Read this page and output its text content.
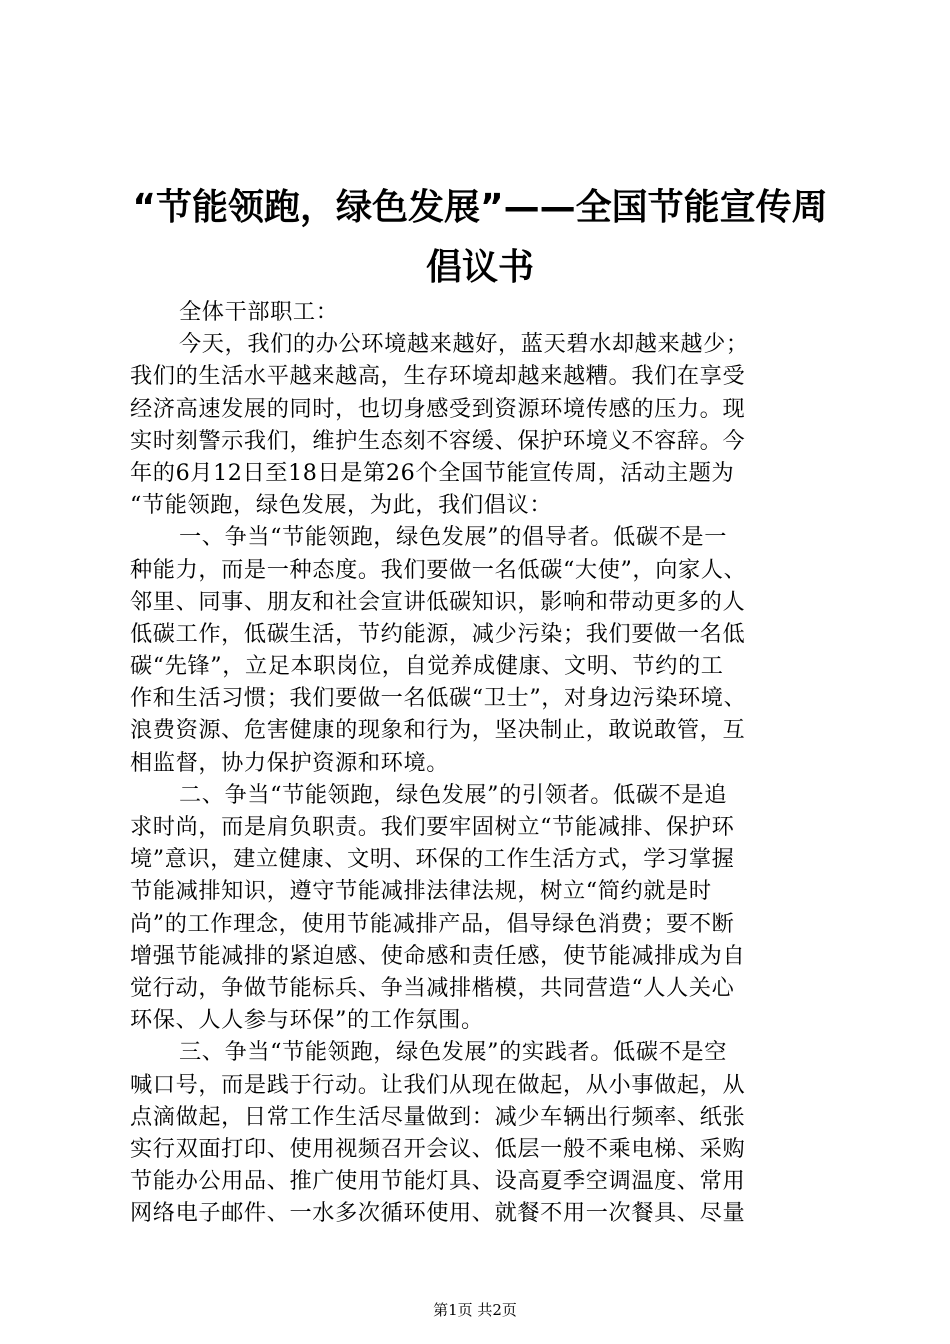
“节能领跑，绿色发展”——全国节能宣传周
倡议书
全体干部职工：
今天，我们的办公环境越来越好，蓝天碧水却越来越少；
我们的生活水平越来越高，生存环境却越来越糟。我们在享受
经济高速发展的同时，也切身感受到资源环境传感的压力。现
实时刻警示我们，维护生态刻不容缓、保护环境义不容辞。今
年的6月12日至18日是第26个全国节能宣传周，活动主题为
“节能领跑，绿色发展，为此，我们倡议：
一、争当“节能领跑，绿色发展”的倡导者。低碳不是一
种能力，而是一种态度。我们要做一名低碳“大使”，向家人、
邻里、同事、朋友和社会宣讲低碳知识，影响和带动更多的人
低碳工作，低碳生活，节约能源，减少污染；我们要做一名低
碳“先锋”，立足本职岗位，自觉养成健康、文明、节约的工
作和生活习惯；我们要做一名低碳“卫士”，对身边污染环境、
浪费资源、危害健康的现象和行为，坚决制止，敢说敢管，互
相监督，协力保护资源和环境。
二、争当“节能领跑，绿色发展”的引领者。低碳不是追
求时尚，而是肩负职责。我们要牢固树立“节能减排、保护环
境”意识，建立健康、文明、环保的工作生活方式，学习掌握
节能减排知识，遵守节能减排法律法规，树立“简约就是时
尚”的工作理念，使用节能减排产品，倡导绿色消费；要不断
增强节能减排的紧迫感、使命感和责任感，使节能减排成为自
觉行动，争做节能标兵、争当减排楷模，共同营造“人人关心
环保、人人参与环保”的工作氛围。
三、争当“节能领跑，绿色发展”的实践者。低碳不是空
喊口号，而是践于行动。让我们从现在做起，从小事做起，从
点滴做起，日常工作生活尽量做到：减少车辆出行频率、纸张
实行双面打印、使用视频召开会议、低层一般不乘电梯、采购
节能办公用品、推广使用节能灯具、设高夏季空调温度、常用
网络电子邮件、一水多次循环使用、就餐不用一次餐具、尽量
第1页 共2页
